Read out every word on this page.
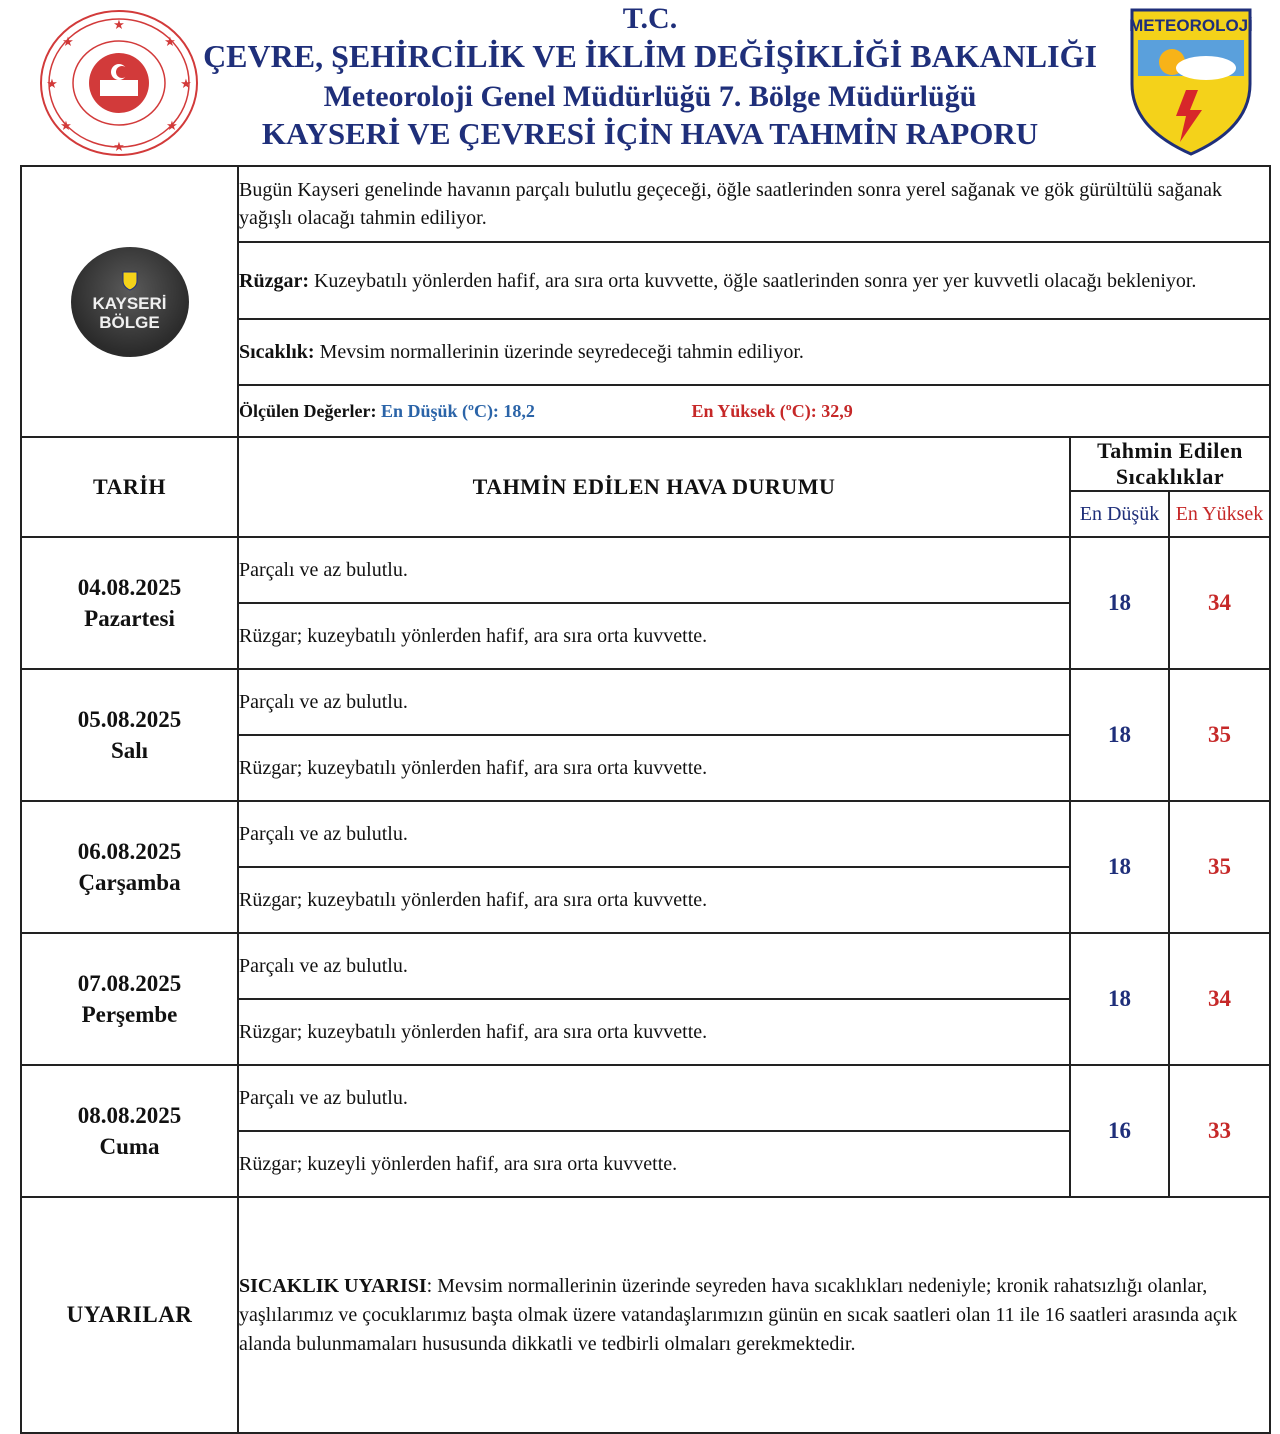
★
★	★
★	★
★	★
★
T.C.
ÇEVRE, ŞEHİRCİLİK VE İKLİM DEĞİŞİKLİĞİ BAKANLIĞI
Meteoroloji Genel Müdürlüğü 7. Bölge Müdürlüğü
KAYSERİ VE ÇEVRESİ İÇİN HAVA TAHMİN RAPORU
METEOROLOJİ
KAYSERİ
BÖLGE	Bugün Kayseri genelinde havanın parçalı bulutlu geçeceği, öğle saatlerinden sonra yerel sağanak ve gök gürültülü sağanak yağışlı olacağı tahmin ediliyor.		
	Rüzgar: Kuzeybatılı yönlerden hafif, ara sıra orta kuvvette, öğle saatlerinden sonra yer yer kuvvetli olacağı bekleniyor.		
	Sıcaklık: Mevsim normallerinin üzerinde seyredeceği tahmin ediliyor.		
	Ölçülen Değerler: En Düşük (ºC): 18,2 En Yüksek (ºC): 32,9		
TARİH	TAHMİN EDİLEN HAVA DURUMU	Tahmin Edilen Sıcaklıklar	
		En Düşük	En Yüksek

04.08.2025
Pazartesi	Parçalı ve az bulutlu.	18	34
	Rüzgar; kuzeybatılı yönlerden hafif, ara sıra orta kuvvette.		

05.08.2025
Salı	Parçalı ve az bulutlu.	18	35
	Rüzgar; kuzeybatılı yönlerden hafif, ara sıra orta kuvvette.		

06.08.2025
Çarşamba	Parçalı ve az bulutlu.	18	35
	Rüzgar; kuzeybatılı yönlerden hafif, ara sıra orta kuvvette.		

07.08.2025
Perşembe	Parçalı ve az bulutlu.	18	34
	Rüzgar; kuzeybatılı yönlerden hafif, ara sıra orta kuvvette.		

08.08.2025
Cuma	Parçalı ve az bulutlu.	16	33
	Rüzgar; kuzeyli yönlerden hafif, ara sıra orta kuvvette.		
UYARILAR	SICAKLIK UYARISI: Mevsim normallerinin üzerinde seyreden hava sıcaklıkları nedeniyle; kronik rahatsızlığı olanlar, yaşlılarımız ve çocuklarımız başta olmak üzere vatandaşlarımızın günün en sıcak saatleri olan 11 ile 16 saatleri arasında açık alanda bulunmamaları hususunda dikkatli ve tedbirli olmaları gerekmektedir.		
